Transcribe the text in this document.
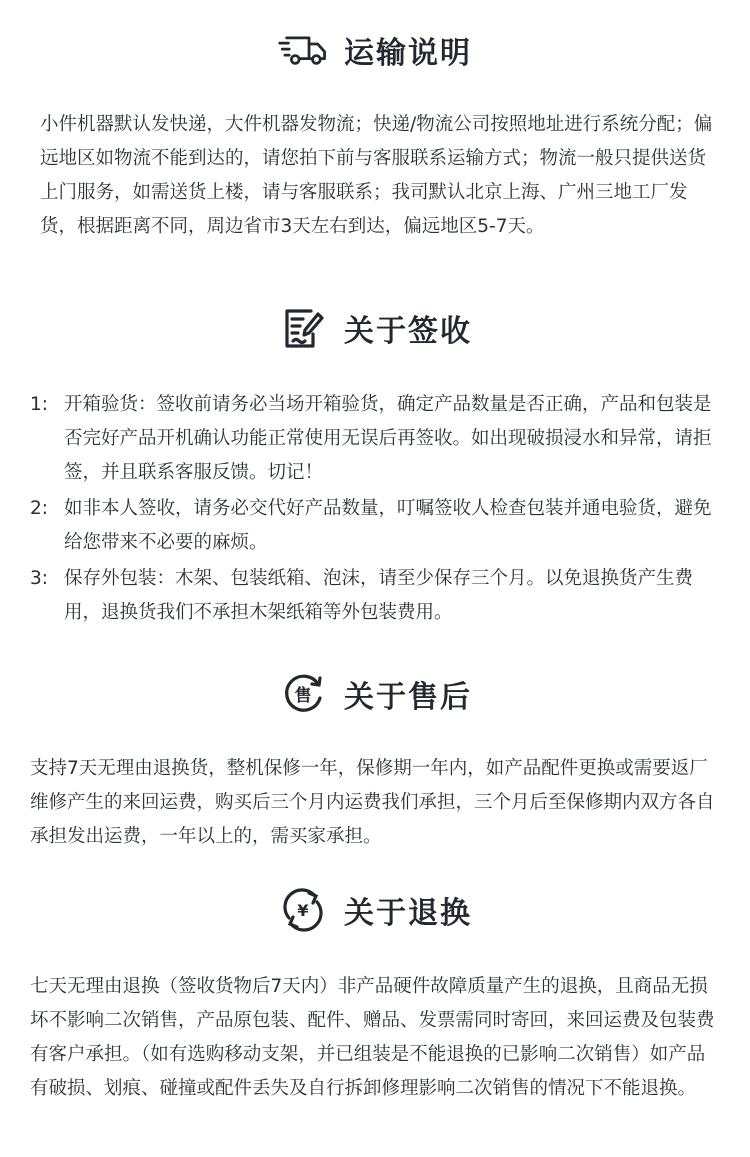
运输说明
小件机器默认发快递，大件机器发物流；快递/物流公司按照地址进行系统分配；偏远地区如物流不能到达的，请您拍下前与客服联系运输方式；物流一般只提供送货上门服务，如需送货上楼，请与客服联系；我司默认北京上海、广州三地工厂发货，根据距离不同，周边省市3天左右到达，偏远地区5-7天。
关于签收
1: 开箱验货：签收前请务必当场开箱验货，确定产品数量是否正确，产品和包装是否完好产品开机确认功能正常使用无误后再签收。如出现破损浸水和异常，请拒签，并且联系客服反馈。切记！
2: 如非本人签收，请务必交代好产品数量，叮嘱签收人检查包装并通电验货，避免给您带来不必要的麻烦。
3: 保存外包装：木架、包装纸箱、泡沫，请至少保存三个月。以免退换货产生费用，退换货我们不承担木架纸箱等外包装费用。
售 关于售后
支持7天无理由退换货，整机保修一年，保修期一年内，如产品配件更换或需要返厂维修产生的来回运费，购买后三个月内运费我们承担，三个月后至保修期内双方各自承担发出运费，一年以上的，需买家承担。
¥ 关于退换
七天无理由退换（签收货物后7天内）非产品硬件故障质量产生的退换，且商品无损坏不影响二次销售，产品原包装、配件、赠品、发票需同时寄回，来回运费及包装费有客户承担。（如有选购移动支架，并已组装是不能退换的已影响二次销售）如产品有破损、划痕、碰撞或配件丢失及自行拆卸修理影响二次销售的情况下不能退换。
